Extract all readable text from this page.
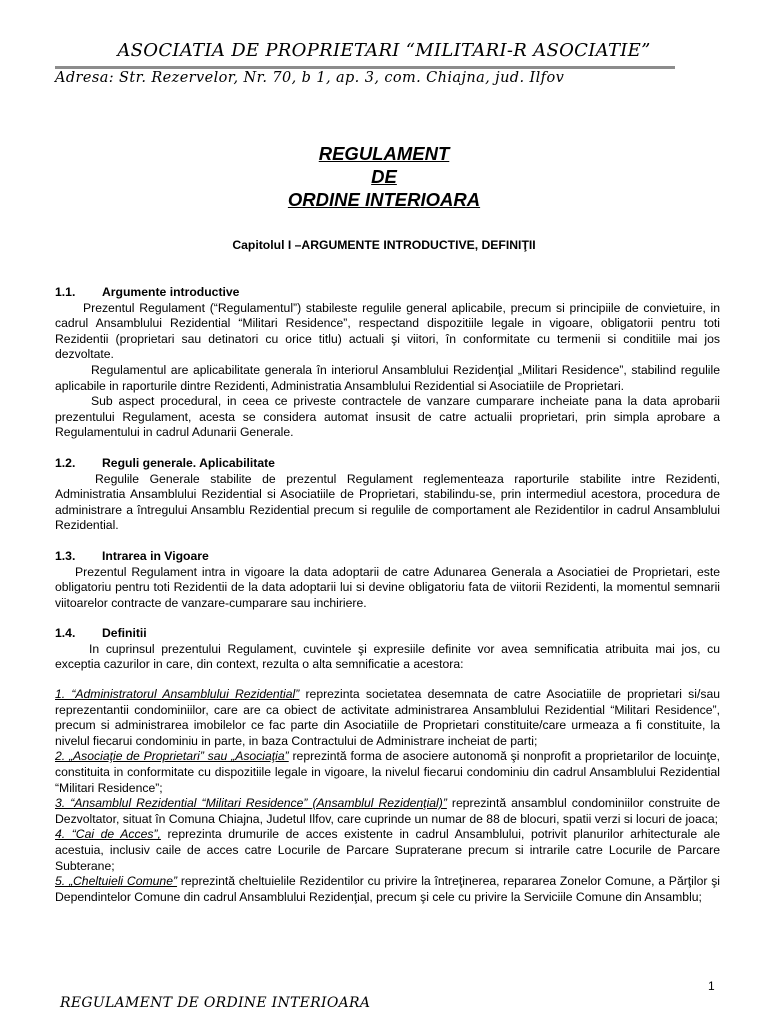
ASOCIATIA DE PROPRIETARI “MILITARI-R ASOCIATIE”
Adresa: Str. Rezervelor, Nr. 70, b 1, ap. 3, com. Chiajna, jud. Ilfov
REGULAMENT
DE
ORDINE INTERIOARA
Capitolul I –ARGUMENTE INTRODUCTIVE, DEFINIŢII
1.1.	Argumente introductive

Prezentul Regulament (“Regulamentul”) stabileste regulile general aplicabile, precum si principiile de convietuire, in cadrul Ansamblului Rezidential “Militari Residence”, respectand dispozitiile legale in vigoare, obligatorii pentru toti Rezidentii (proprietari sau detinatori cu orice titlu) actuali şi viitori, în conformitate cu termenii si conditiile mai jos dezvoltate.

Regulamentul are aplicabilitate generala în interiorul Ansamblului Rezidenţial „Militari Residence”, stabilind regulile aplicabile in raporturile dintre Rezidenti, Administratia Ansamblului Rezidential si Asociatiile de Proprietari.

Sub aspect procedural, in ceea ce priveste contractele de vanzare cumparare incheiate pana la data aprobarii prezentului Regulament, acesta se considera automat insusit de catre actualii proprietari, prin simpla aprobare a Regulamentului in cadrul Adunarii Generale.

1.2.	Reguli generale. Aplicabilitate

Regulile Generale stabilite de prezentul Regulament reglementeaza raporturile stabilite intre Rezidenti, Administratia Ansamblului Rezidential si Asociatiile de Proprietari, stabilindu-se, prin intermediul acestora, procedura de administrare a întregului Ansamblu Rezidential precum si regulile de comportament ale Rezidentilor in cadrul Ansamblului Rezidential.

1.3.	Intrarea in Vigoare

Prezentul Regulament intra in vigoare la data adoptarii de catre Adunarea Generala a Asociatiei de Proprietari, este obligatoriu pentru toti Rezidentii de la data adoptarii lui si devine obligatoriu fata de viitorii Rezidenti, la momentul semnarii viitoarelor contracte de vanzare-cumparare sau inchiriere.

1.4.	Definitii

In cuprinsul prezentului Regulament, cuvintele şi expresiile definite vor avea semnificatia atribuita mai jos, cu exceptia cazurilor in care, din context, rezulta o alta semnificatie a acestora:

1. “Administratorul Ansamblului Rezidential” reprezinta societatea desemnata de catre Asociatiile de proprietari si/sau reprezentantii condominiilor, care are ca obiect de activitate administrarea Ansamblului Rezidential “Militari Residence”, precum si administrarea imobilelor ce fac parte din Asociatiile de Proprietari constituite/care urmeaza a fi constituite, la nivelul fiecarui condominiu in parte, in baza Contractului de Administrare incheiat de parti;

2. „Asociaţie de Proprietari” sau „Asociaţia” reprezintă forma de asociere autonomă şi nonprofit a proprietarilor de locuinţe, constituita in conformitate cu dispozitiile legale in vigoare, la nivelul fiecarui condominiu din cadrul Ansamblului Rezidential “Militari Residence”;

3. “Ansamblul Rezidential “Militari Residence” (Ansamblul Rezidenţial)” reprezintă ansamblul condominiilor construite de Dezvoltator, situat în Comuna Chiajna, Judetul Ilfov, care cuprinde un numar de 88 de blocuri, spatii verzi si locuri de joaca;

4. “Cai de Acces”, reprezinta drumurile de acces existente in cadrul Ansamblului, potrivit planurilor arhitecturale ale acestuia, inclusiv caile de acces catre Locurile de Parcare Supraterane precum si intrarile catre Locurile de Parcare Subterane;

5. „Cheltuieli Comune” reprezintă cheltuielile Rezidentilor cu privire la întreţinerea, repararea Zonelor Comune, a Părţilor şi Dependintelor Comune din cadrul Ansamblului Rezidenţial, precum şi cele cu privire la Serviciile Comune din Ansamblu;

1
REGULAMENT DE ORDINE INTERIOARA
